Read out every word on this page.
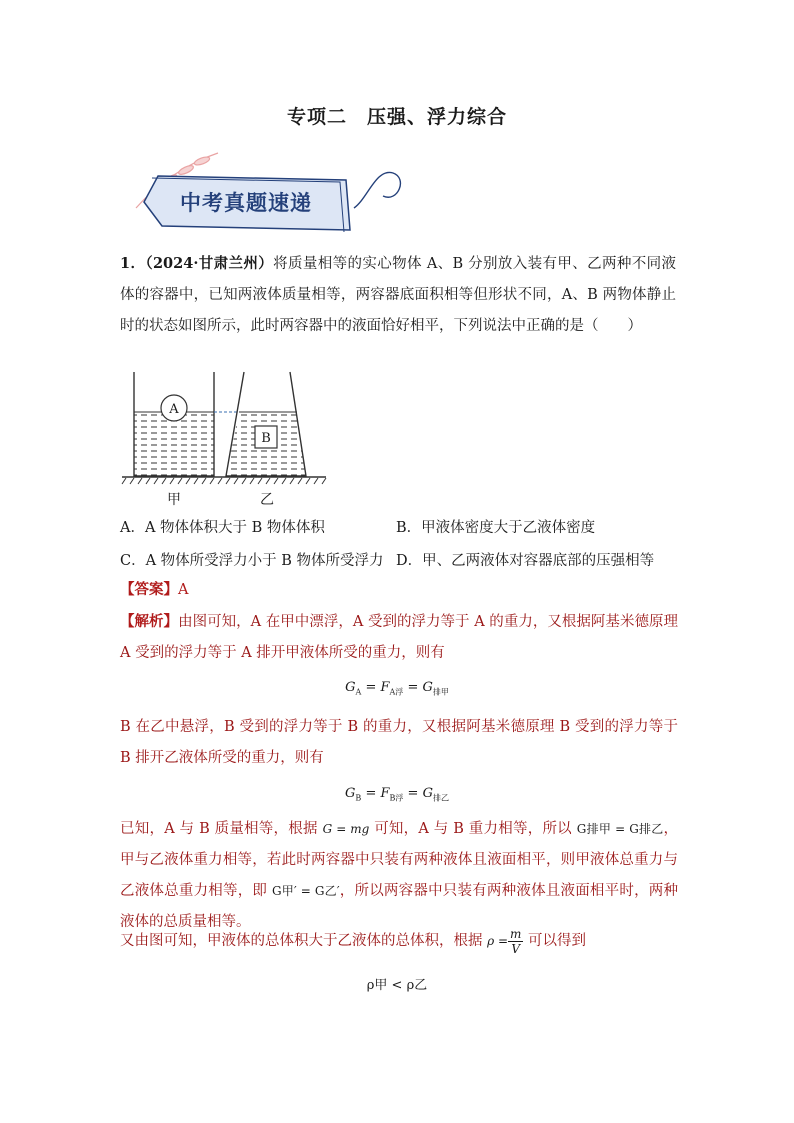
专项二　压强、浮力综合
中考真题速递
1．（2024·甘肃兰州）将质量相等的实心物体 A、B 分别放入装有甲、乙两种不同液体的容器中，已知两液体质量相等，两容器底面积相等但形状不同，A、B 两物体静止时的状态如图所示，此时两容器中的液面恰好相平，下列说法中正确的是（　　）
A
B
甲	乙
A．A 物体体积大于 B 物体体积	B．甲液体密度大于乙液体密度
C．A 物体所受浮力小于 B 物体所受浮力 D．甲、乙两液体对容器底部的压强相等
【答案】A
【解析】由图可知，A 在甲中漂浮，A 受到的浮力等于 A 的重力，又根据阿基米德原理 A 受到的浮力等于 A 排开甲液体所受的重力，则有
$G_A = F_{A浮} = G_{排甲}$
B 在乙中悬浮，B 受到的浮力等于 B 的重力，又根据阿基米德原理 B 受到的浮力等于 B 排开乙液体所受的重力，则有
$G_B = F_{B浮} = G_{排乙}$
已知，A 与 B 质量相等，根据 G = mg 可知，A 与 B 重力相等，所以 G排甲 = G排乙，甲与乙液体重力相等，若此时两容器中只装有两种液体且液面相平，则甲液体总重力与乙液体总重力相等，即 G甲′ = G乙′，所以两容器中只装有两种液体且液面相平时，两种液体的总质量相等。
又由图可知，甲液体的总体积大于乙液体的总体积，根据 $\rho = \frac{m}{V}$ 可以得到
ρ甲 < ρ乙
